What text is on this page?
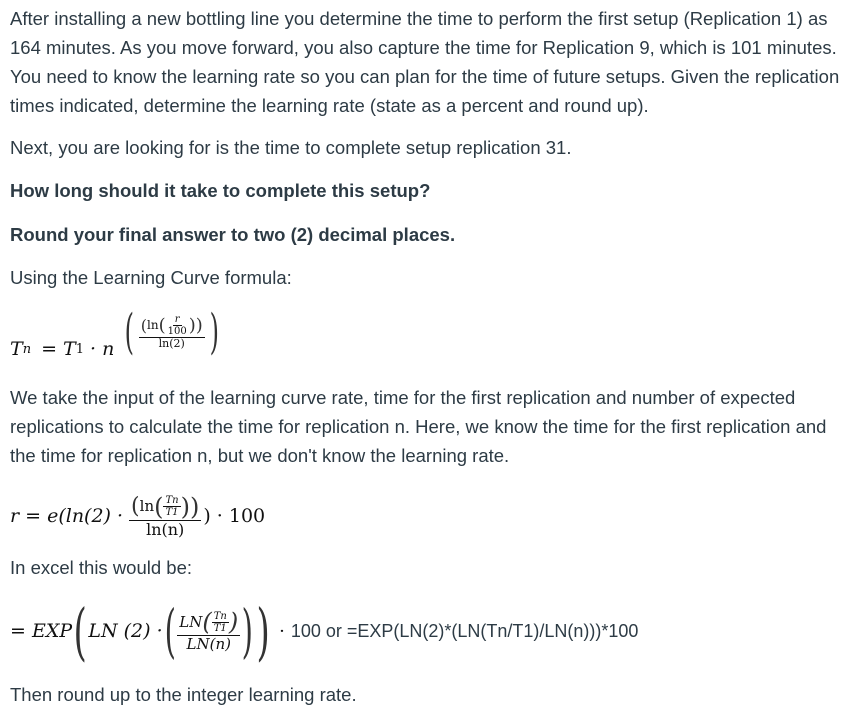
After installing a new bottling line you determine the time to perform the first setup (Replication 1) as 164 minutes. As you move forward, you also capture the time for Replication 9, which is 101 minutes. You need to know the learning rate so you can plan for the time of future setups. Given the replication times indicated, determine the learning rate (state as a percent and round up).

Next, you are looking for is the time to complete setup replication 31.

How long should it take to complete this setup?

Round your final answer to two (2) decimal places.

Using the Learning Curve formula:

T n = T 1 · n ( ( ln ( $\frac{r}{100}$ ))
ln(2) )

We take the input of the learning curve rate, time for the first replication and number of expected replications to calculate the time for replication n. Here, we know the time for the first replication and the time for replication n, but we don't know the learning rate.

r = e(ln(2) · ( ln ( $\frac{Tn}{T1}$ ))
ln(n)
) · 100

In excel this would be:

= EXP ( LN (2) · ( $\frac{LN ( \frac{Tn}{T1} )}{LN(n)}$ ) ) · 100 or =EXP(LN(2)*(LN(Tn/T1)/LN(n)))*100

Then round up to the integer learning rate.
